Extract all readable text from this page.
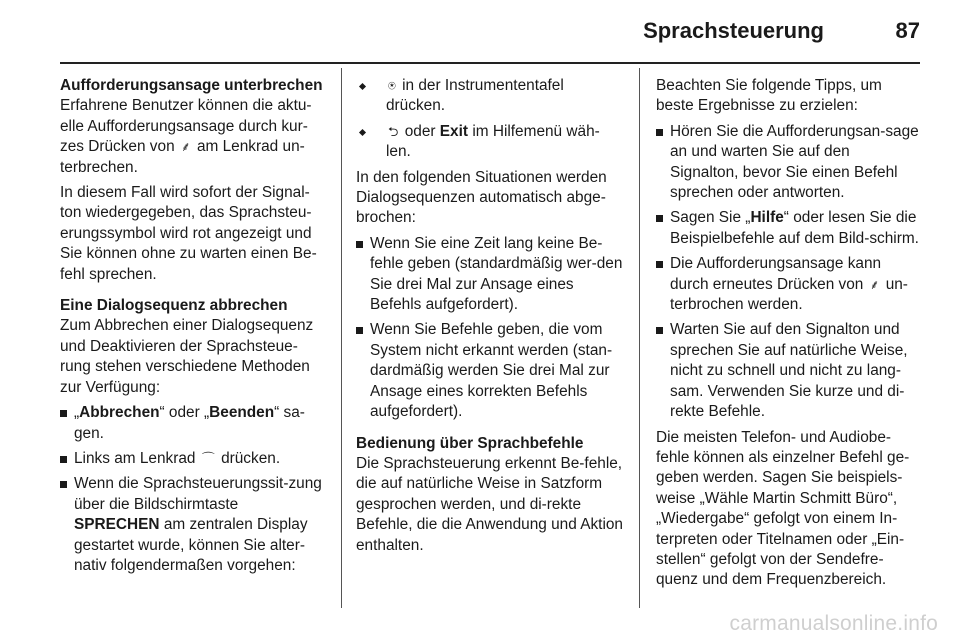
Sprachsteuerung	87

Aufforderungsansage unterbrechen

Erfahrene Benutzer können die aktu-elle Aufforderungsansage durch kur-zes Drücken von ⸙ am Lenkrad un-terbrechen.

In diesem Fall wird sofort der Signal-ton wiedergegeben, das Sprachsteu-erungssymbol wird rot angezeigt und Sie können ohne zu warten einen Be-fehl sprechen.

Eine Dialogsequenz abbrechen

Zum Abbrechen einer Dialogsequenz und Deaktivieren der Sprachsteue-rung stehen verschiedene Methoden zur Verfügung:

„Abbrechen“ oder „Beenden“ sa-gen.
Links am Lenkrad ⌒ drücken.
Wenn die Sprachsteuerungssit-zung über die Bildschirmtaste SPRECHEN am zentralen Display gestartet wurde, können Sie alter-nativ folgendermaßen vorgehen:
⍟ in der Instrumententafel drücken.
⮌ oder Exit im Hilfemenü wäh-len.

In den folgenden Situationen werden Dialogsequenzen automatisch abge-brochen:

Wenn Sie eine Zeit lang keine Be-fehle geben (standardmäßig wer-den Sie drei Mal zur Ansage eines Befehls aufgefordert).
Wenn Sie Befehle geben, die vom System nicht erkannt werden (stan-dardmäßig werden Sie drei Mal zur Ansage eines korrekten Befehls aufgefordert).

Bedienung über Sprachbefehle

Die Sprachsteuerung erkennt Be-fehle, die auf natürliche Weise in Satzform gesprochen werden, und di-rekte Befehle, die die Anwendung und Aktion enthalten.

Beachten Sie folgende Tipps, um beste Ergebnisse zu erzielen:

Hören Sie die Aufforderungsan-sage an und warten Sie auf den Signalton, bevor Sie einen Befehl sprechen oder antworten.
Sagen Sie „Hilfe“ oder lesen Sie die Beispielbefehle auf dem Bild-schirm.
Die Aufforderungsansage kann durch erneutes Drücken von ⸙ un-terbrochen werden.
Warten Sie auf den Signalton und sprechen Sie auf natürliche Weise, nicht zu schnell und nicht zu lang-sam. Verwenden Sie kurze und di-rekte Befehle.

Die meisten Telefon- und Audiobe-fehle können als einzelner Befehl ge-geben werden. Sagen Sie beispiels-weise „Wähle Martin Schmitt Büro“, „Wiedergabe“ gefolgt von einem In-terpreten oder Titelnamen oder „Ein-stellen“ gefolgt von der Sendefre-quenz und dem Frequenzbereich.

carmanualsonline.info
